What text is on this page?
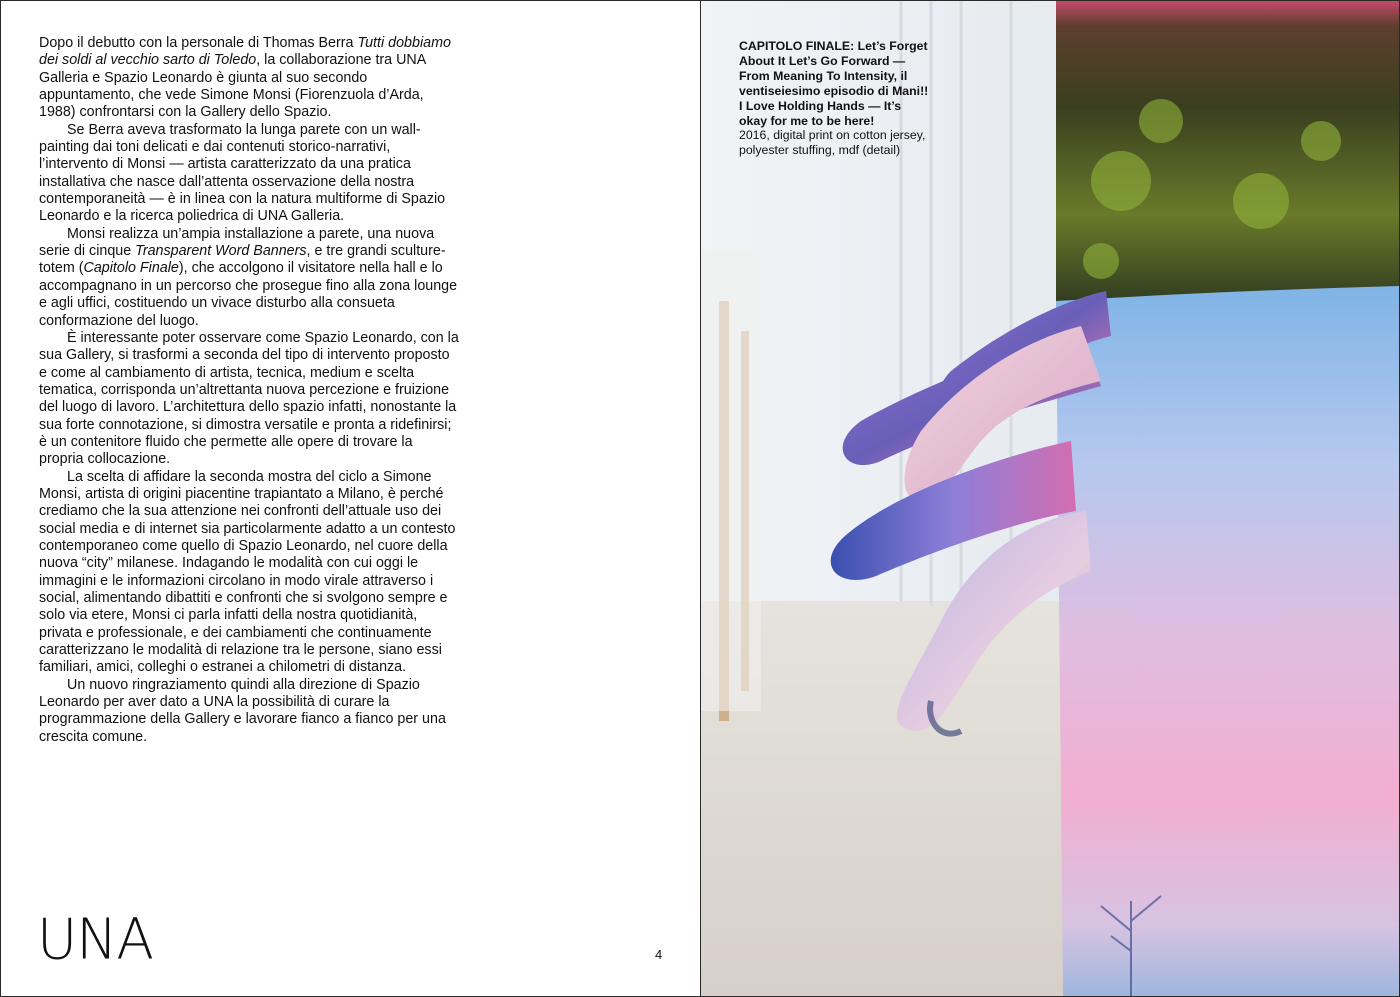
Dopo il debutto con la personale di Thomas Berra Tutti dobbiamo dei soldi al vecchio sarto di Toledo, la collaborazione tra UNA Galleria e Spazio Leonardo è giunta al suo secondo appuntamento, che vede Simone Monsi (Fiorenzuola d’Arda, 1988) confrontarsi con la Gallery dello Spazio.

Se Berra aveva trasformato la lunga parete con un wall-painting dai toni delicati e dai contenuti storico-narrativi, l’intervento di Monsi — artista caratterizzato da una pratica installativa che nasce dall’attenta osservazione della nostra contemporaneità — è in linea con la natura multiforme di Spazio Leonardo e la ricerca poliedrica di UNA Galleria.

Monsi realizza un’ampia installazione a parete, una nuova serie di cinque Transparent Word Banners, e tre grandi sculture-totem (Capitolo Finale), che accolgono il visitatore nella hall e lo accompagnano in un percorso che prosegue fino alla zona lounge e agli uffici, costituendo un vivace disturbo alla consueta conformazione del luogo.

È interessante poter osservare come Spazio Leonardo, con la sua Gallery, si trasformi a seconda del tipo di intervento proposto e come al cambiamento di artista, tecnica, medium e scelta tematica, corrisponda un’altrettanta nuova percezione e fruizione del luogo di lavoro. L’architettura dello spazio infatti, nonostante la sua forte connotazione, si dimostra versatile e pronta a ridefinirsi; è un contenitore fluido che permette alle opere di trovare la propria collocazione.

La scelta di affidare la seconda mostra del ciclo a Simone Monsi, artista di origini piacentine trapiantato a Milano, è perché crediamo che la sua attenzione nei confronti dell’attuale uso dei social media e di internet sia particolarmente adatto a un contesto contemporaneo come quello di Spazio Leonardo, nel cuore della nuova “city” milanese. Indagando le modalità con cui oggi le immagini e le informazioni circolano in modo virale attraverso i social, alimentando dibattiti e confronti che si svolgono sempre e solo via etere, Monsi ci parla infatti della nostra quotidianità, privata e professionale, e dei cambiamenti che continuamente caratterizzano le modalità di relazione tra le persone, siano essi familiari, amici, colleghi o estranei a chilometri di distanza.

Un nuovo ringraziamento quindi alla direzione di Spazio Leonardo per aver dato a UNA la possibilità di curare la programmazione della Gallery e lavorare fianco a fianco per una crescita comune.

UNA	4
CAPITOLO FINALE: Let’s Forget About It Let’s Go Forward — From Meaning To Intensity, il ventiseiesimo episodio di Mani!! I Love Holding Hands — It’s okay for me to be here!
2016, digital print on cotton jersey, polyester stuffing, mdf (detail)
